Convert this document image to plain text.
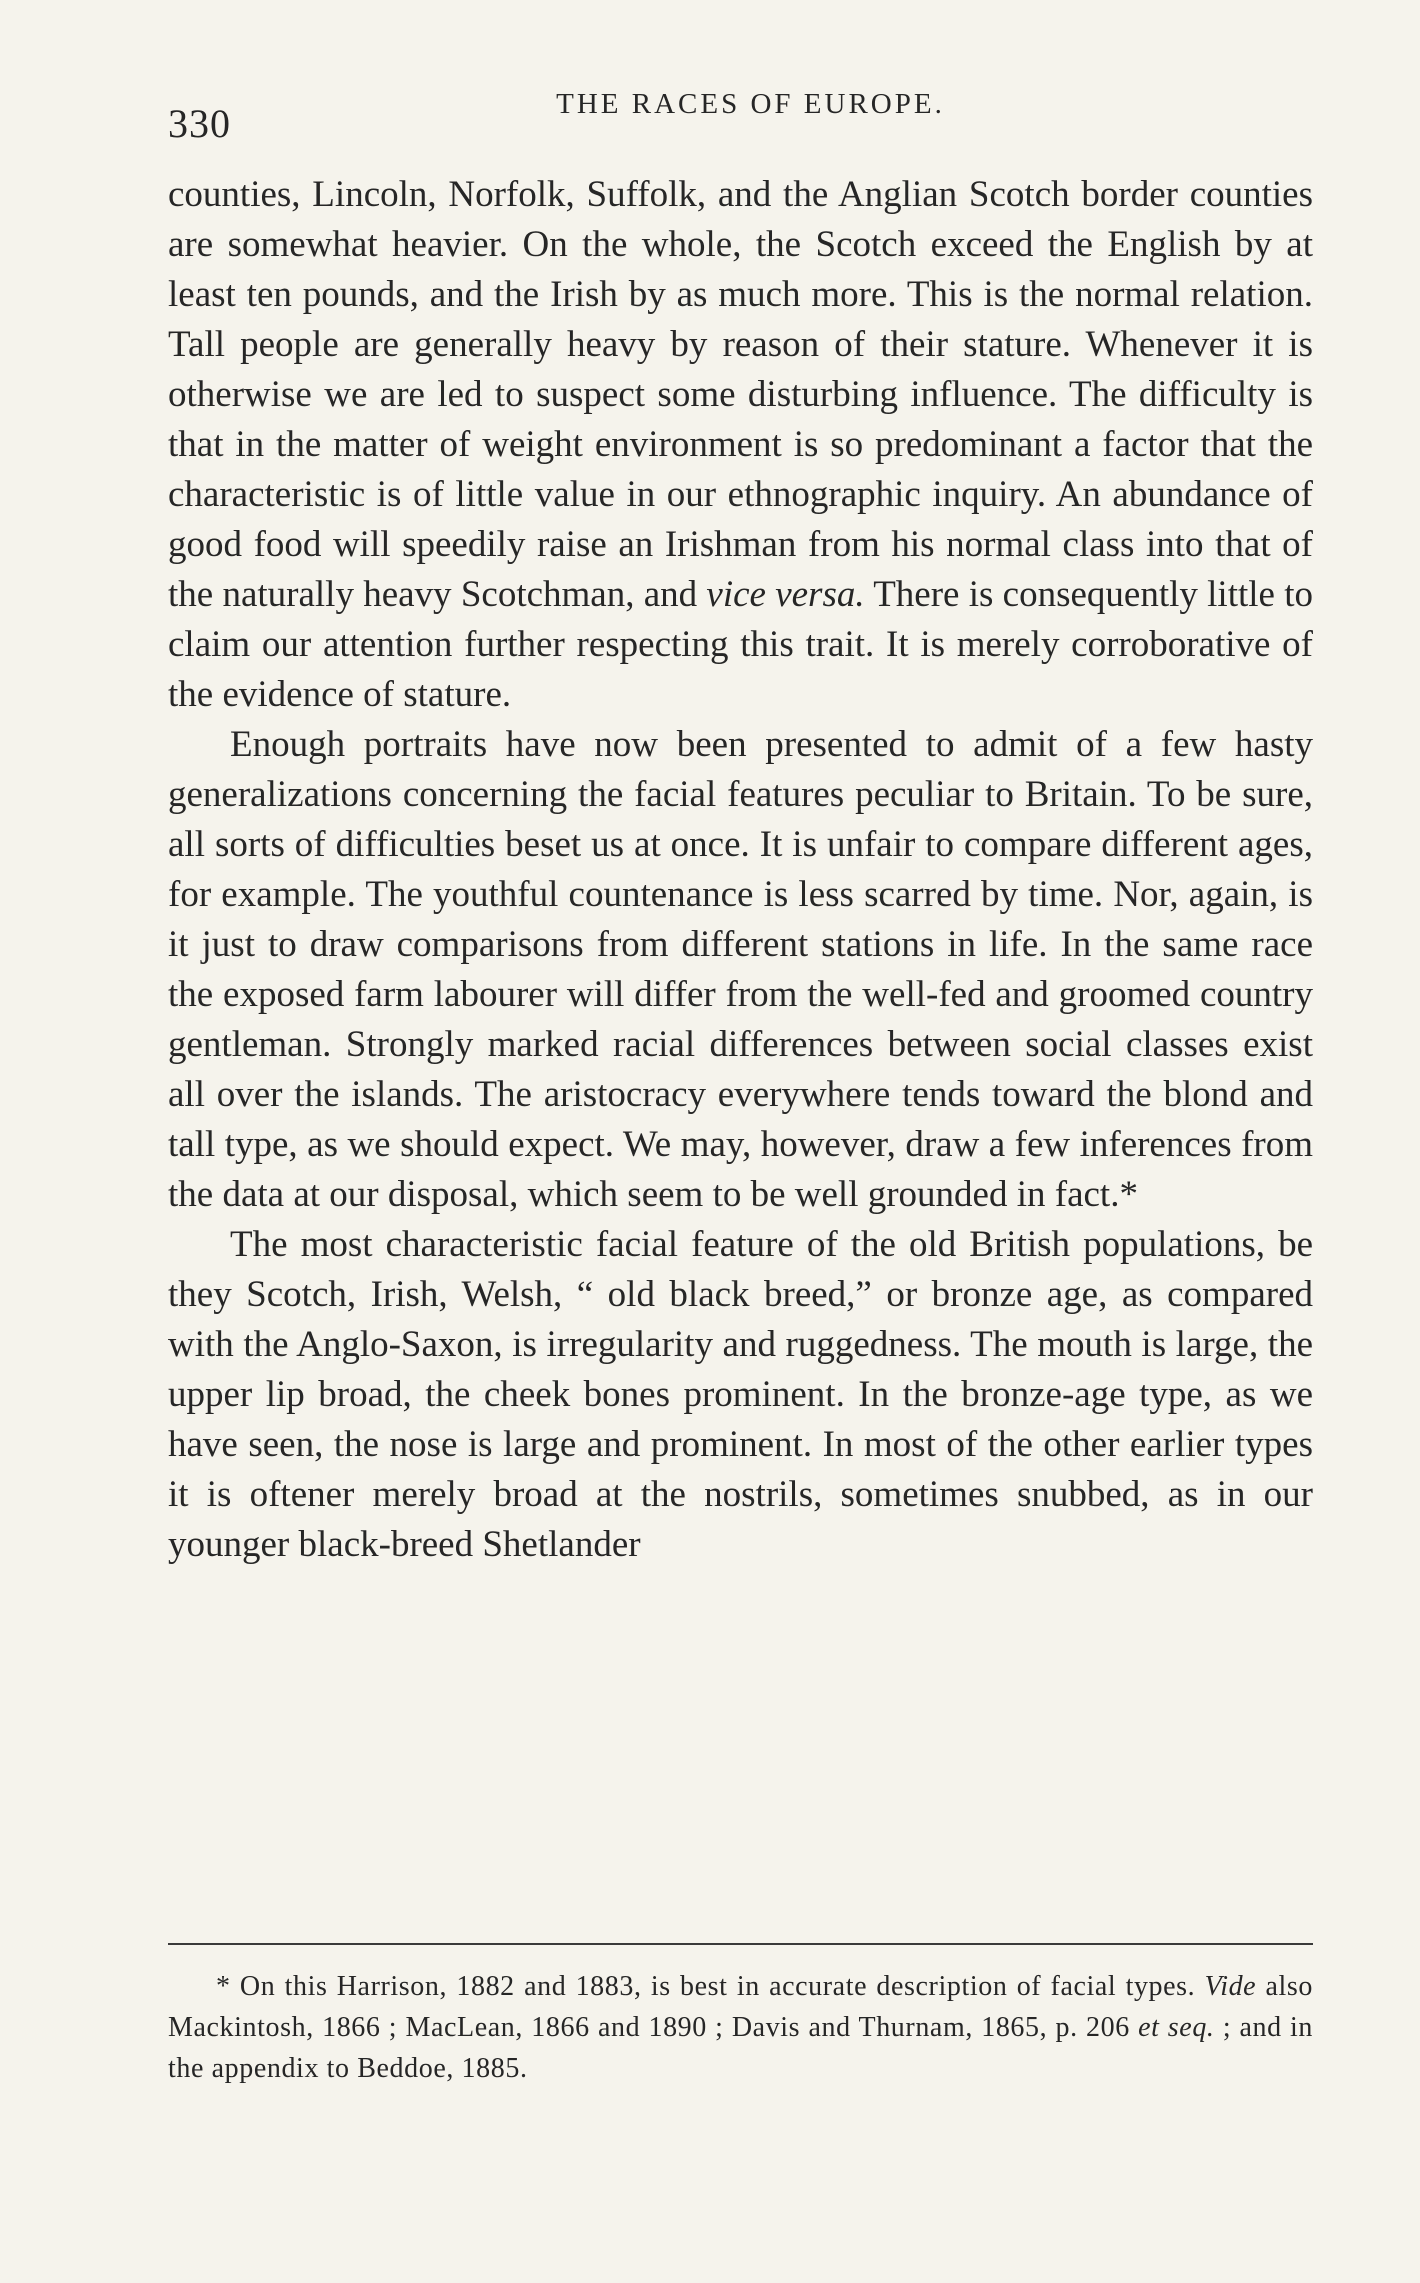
330	THE RACES OF EUROPE.

counties, Lincoln, Norfolk, Suffolk, and the Anglian Scotch border counties are somewhat heavier. On the whole, the Scotch exceed the English by at least ten pounds, and the Irish by as much more. This is the normal relation. Tall people are generally heavy by reason of their stature. Whenever it is otherwise we are led to suspect some disturbing influence. The difficulty is that in the matter of weight environment is so predominant a factor that the characteristic is of little value in our ethnographic inquiry. An abundance of good food will speedily raise an Irishman from his normal class into that of the naturally heavy Scotchman, and vice versa. There is consequently little to claim our attention further respecting this trait. It is merely corroborative of the evidence of stature.

Enough portraits have now been presented to admit of a few hasty generalizations concerning the facial features peculiar to Britain. To be sure, all sorts of difficulties beset us at once. It is unfair to compare different ages, for example. The youthful countenance is less scarred by time. Nor, again, is it just to draw comparisons from different stations in life. In the same race the exposed farm labourer will differ from the well-fed and groomed country gentleman. Strongly marked racial differences between social classes exist all over the islands. The aristocracy everywhere tends toward the blond and tall type, as we should expect. We may, however, draw a few inferences from the data at our disposal, which seem to be well grounded in fact.*

The most characteristic facial feature of the old British populations, be they Scotch, Irish, Welsh, “ old black breed,” or bronze age, as compared with the Anglo-Saxon, is irregularity and ruggedness. The mouth is large, the upper lip broad, the cheek bones prominent. In the bronze-age type, as we have seen, the nose is large and prominent. In most of the other earlier types it is oftener merely broad at the nostrils, sometimes snubbed, as in our younger black-breed Shetlander

* On this Harrison, 1882 and 1883, is best in accurate description of facial types. Vide also Mackintosh, 1866 ; MacLean, 1866 and 1890 ; Davis and Thurnam, 1865, p. 206 et seq. ; and in the appendix to Beddoe, 1885.
